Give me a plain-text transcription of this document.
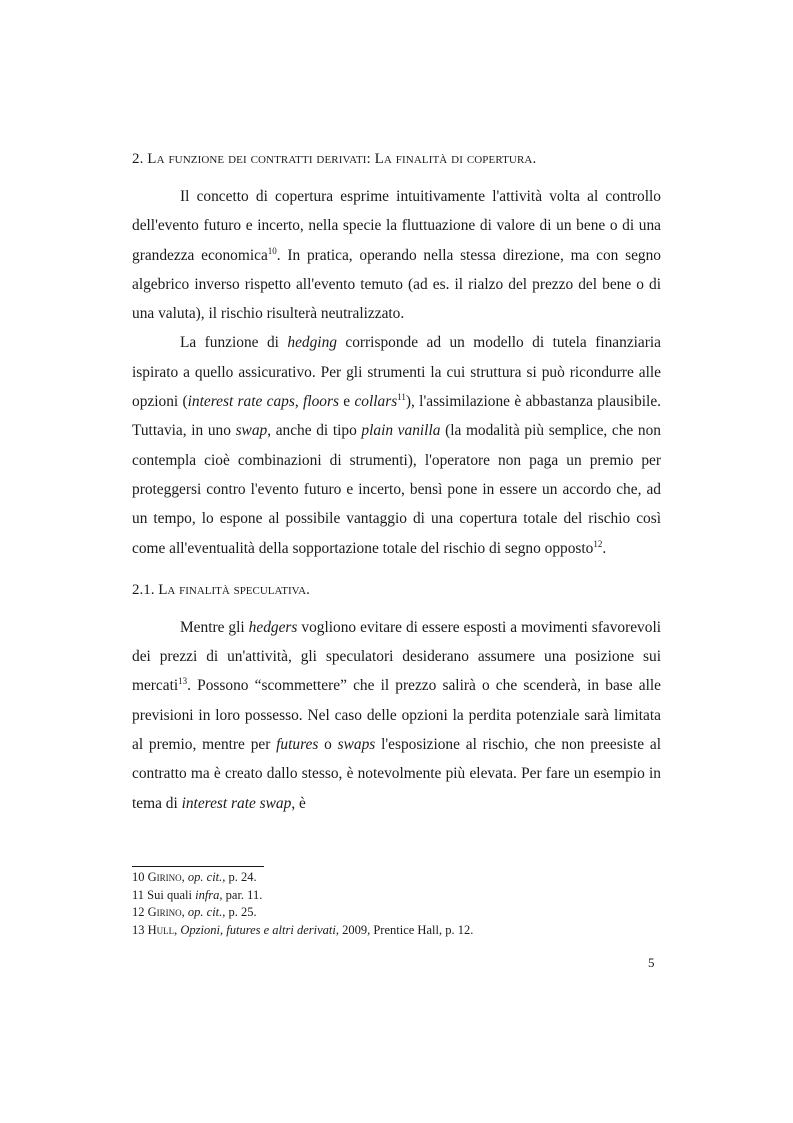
2. La funzione dei contratti derivati: La finalità di copertura.

Il concetto di copertura esprime intuitivamente l'attività volta al controllo dell'evento futuro e incerto, nella specie la fluttuazione di valore di un bene o di una grandezza economica$^{10}$. In pratica, operando nella stessa direzione, ma con segno algebrico inverso rispetto all'evento temuto (ad es. il rialzo del prezzo del bene o di una valuta), il rischio risulterà neutralizzato.

La funzione di hedging corrisponde ad un modello di tutela finanziaria ispirato a quello assicurativo. Per gli strumenti la cui struttura si può ricondurre alle opzioni (interest rate caps, floors e collars$^{11}$), l'assimilazione è abbastanza plausibile. Tuttavia, in uno swap, anche di tipo plain vanilla (la modalità più semplice, che non contempla cioè combinazioni di strumenti), l'operatore non paga un premio per proteggersi contro l'evento futuro e incerto, bensì pone in essere un accordo che, ad un tempo, lo espone al possibile vantaggio di una copertura totale del rischio così come all'eventualità della sopportazione totale del rischio di segno opposto$^{12}$.

2.1. La finalità speculativa.

Mentre gli hedgers vogliono evitare di essere esposti a movimenti sfavorevoli dei prezzi di un'attività, gli speculatori desiderano assumere una posizione sui mercati$^{13}$. Possono “scommettere” che il prezzo salirà o che scenderà, in base alle previsioni in loro possesso. Nel caso delle opzioni la perdita potenziale sarà limitata al premio, mentre per futures o swaps l'esposizione al rischio, che non preesiste al contratto ma è creato dallo stesso, è notevolmente più elevata. Per fare un esempio in tema di interest rate swap, è

10 Girino, op. cit., p. 24.
11 Sui quali infra, par. 11.
12 Girino, op. cit., p. 25.
13 Hull, Opzioni, futures e altri derivati, 2009, Prentice Hall, p. 12.
5
